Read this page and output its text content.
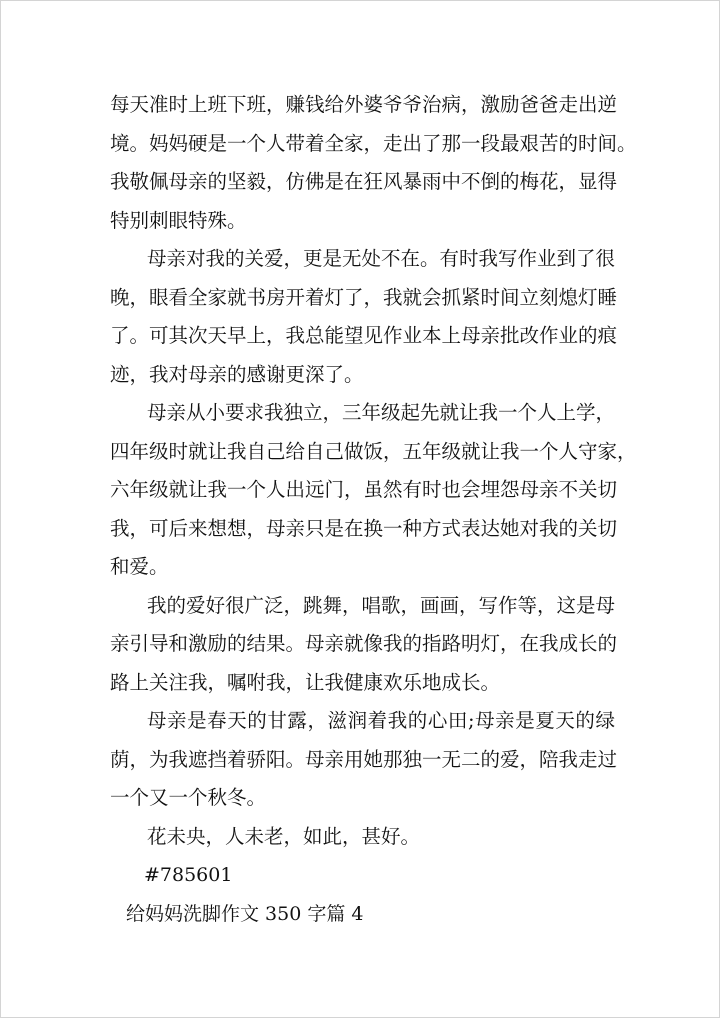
每天准时上班下班，赚钱给外婆爷爷治病，激励爸爸走出逆
境。妈妈硬是一个人带着全家，走出了那一段最艰苦的时间。
我敬佩母亲的坚毅，仿佛是在狂风暴雨中不倒的梅花，显得
特别刺眼特殊。
母亲对我的关爱，更是无处不在。有时我写作业到了很
晚，眼看全家就书房开着灯了，我就会抓紧时间立刻熄灯睡
了。可其次天早上，我总能望见作业本上母亲批改作业的痕
迹，我对母亲的感谢更深了。
母亲从小要求我独立，三年级起先就让我一个人上学，
四年级时就让我自己给自己做饭，五年级就让我一个人守家，
六年级就让我一个人出远门，虽然有时也会埋怨母亲不关切
我，可后来想想，母亲只是在换一种方式表达她对我的关切
和爱。
我的爱好很广泛，跳舞，唱歌，画画，写作等，这是母
亲引导和激励的结果。母亲就像我的指路明灯，在我成长的
路上关注我，嘱咐我，让我健康欢乐地成长。
母亲是春天的甘露，滋润着我的心田;母亲是夏天的绿
荫，为我遮挡着骄阳。母亲用她那独一无二的爱，陪我走过
一个又一个秋冬。
花未央，人未老，如此，甚好。
#785601
给妈妈洗脚作文 350 字篇 4
